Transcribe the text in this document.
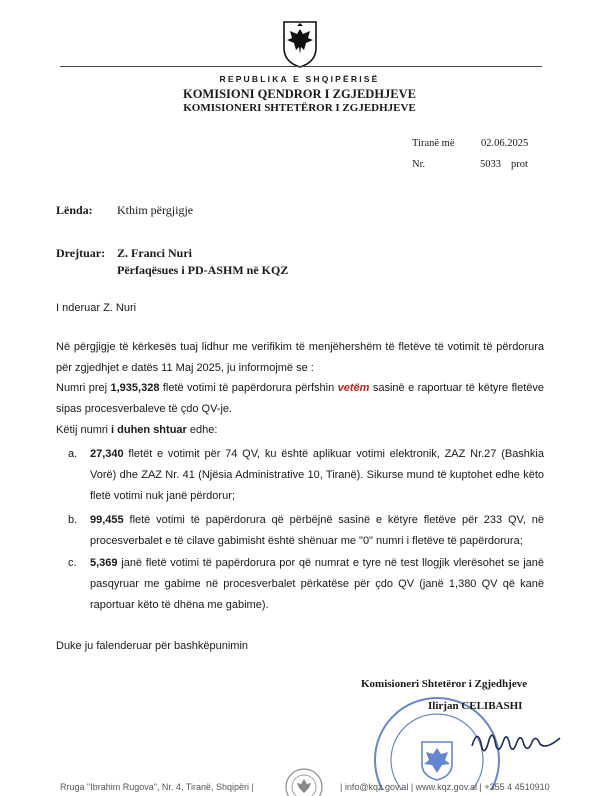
REPUBLIKA E SHQIPËRISË
KOMISIONI QENDROR I ZGJEDHJEVE
KOMISIONERI SHTETËROR I ZGJEDHJEVE
Tiranë më	02.06.2025
Nr.	5033 prot
Lënda: Kthim përgjigje
Drejtuar: Z. Franci Nuri
Përfaqësues i PD-ASHM në KQZ
I nderuar Z. Nuri
Në përgjigje të kërkesës tuaj lidhur me verifikim të menjëhershëm të fletëve të votimit të përdorura për zgjedhjet e datës 11 Maj 2025, ju informojmë se :
Numri prej 1,935,328 fletë votimi të papërdorura përfshin vetëm sasinë e raportuar të këtyre fletëve sipas procesverbaleve të çdo QV-je.
Këtij numri i duhen shtuar edhe:
a. 27,340 fletët e votimit për 74 QV, ku është aplikuar votimi elektronik, ZAZ Nr.27 (Bashkia Vorë) dhe ZAZ Nr. 41 (Njësia Administrative 10, Tiranë). Sikurse mund të kuptohet edhe këto fletë votimi nuk janë përdorur;
b. 99,455 fletë votimi të papërdorura që përbëjnë sasinë e këtyre fletëve për 233 QV, në procesverbalet e të cilave gabimisht është shënuar me "0" numri i fletëve të papërdorura;
c. 5,369 janë fletë votimi të papërdorura por që numrat e tyre në test llogjik vlerësohet se janë pasqyruar me gabime në procesverbalet përkatëse për çdo QV (janë 1,380 QV që kanë raportuar këto të dhëna me gabime).
Duke ju falenderuar për bashkëpunimin
Komisioneri Shtetëror i Zgjedhjeve
Ilirjan CELIBASHI
Rruga "Ibrahim Rugova", Nr. 4, Tiranë, Shqipëri |	| info@kqz.gov.al | www.kqz.gov.al | +355 4 4510910
